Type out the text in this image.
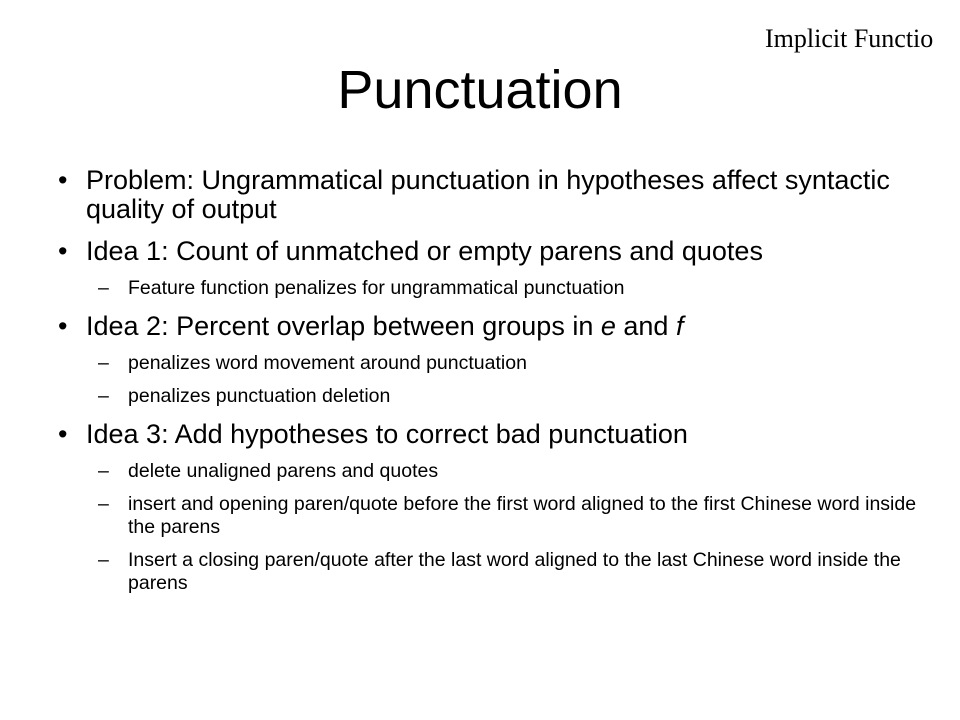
Implicit Functio
Punctuation
• Problem: Ungrammatical punctuation in hypotheses affect syntactic quality of output
• Idea 1: Count of unmatched or empty parens and quotes
– Feature function penalizes for ungrammatical punctuation
• Idea 2: Percent overlap between groups in e and f
– penalizes word movement around punctuation
– penalizes punctuation deletion
• Idea 3: Add hypotheses to correct bad punctuation
– delete unaligned parens and quotes
– insert and opening paren/quote before the first word aligned to the first Chinese word inside the parens
– Insert a closing paren/quote after the last word aligned to the last Chinese word inside the parens
